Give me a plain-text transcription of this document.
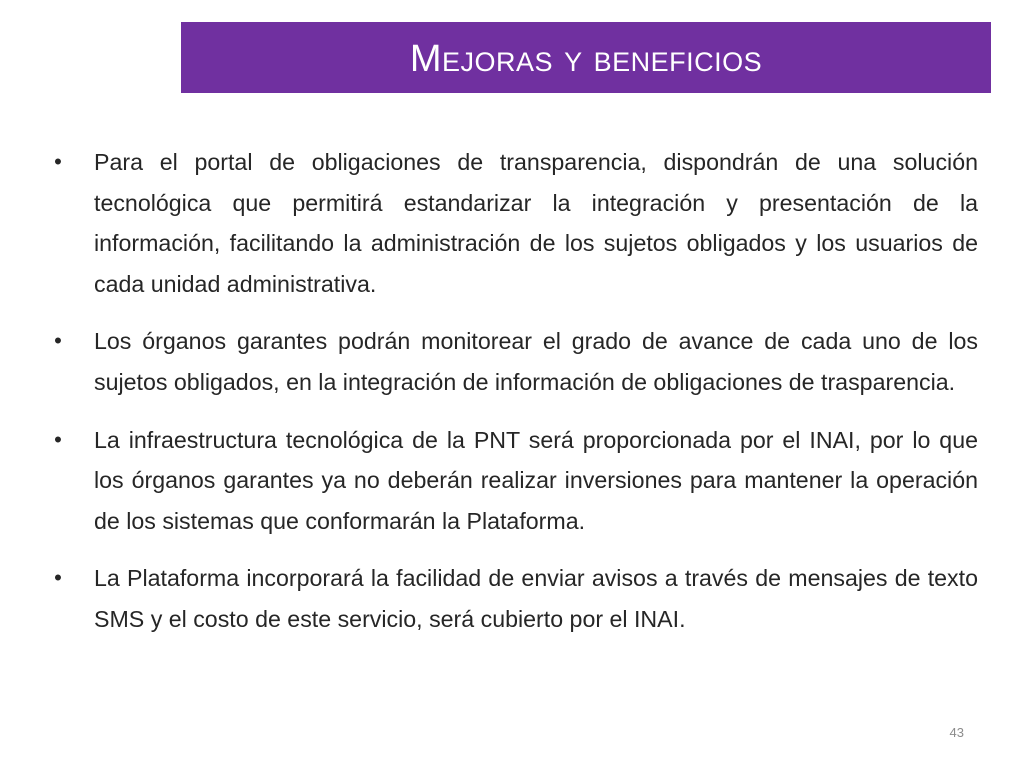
Mejoras y beneficios
• Para el portal de obligaciones de transparencia, dispondrán de una solución tecnológica que permitirá estandarizar la integración y presentación de la información, facilitando la administración de los sujetos obligados y los usuarios de cada unidad administrativa.
• Los órganos garantes podrán monitorear el grado de avance de cada uno de los sujetos obligados, en la integración de información de obligaciones de trasparencia.
• La infraestructura tecnológica de la PNT será proporcionada por el INAI, por lo que los órganos garantes ya no deberán realizar inversiones para mantener la operación de los sistemas que conformarán la Plataforma.
• La Plataforma incorporará la facilidad de enviar avisos a través de mensajes de texto SMS y el costo de este servicio, será cubierto por el INAI.
43
